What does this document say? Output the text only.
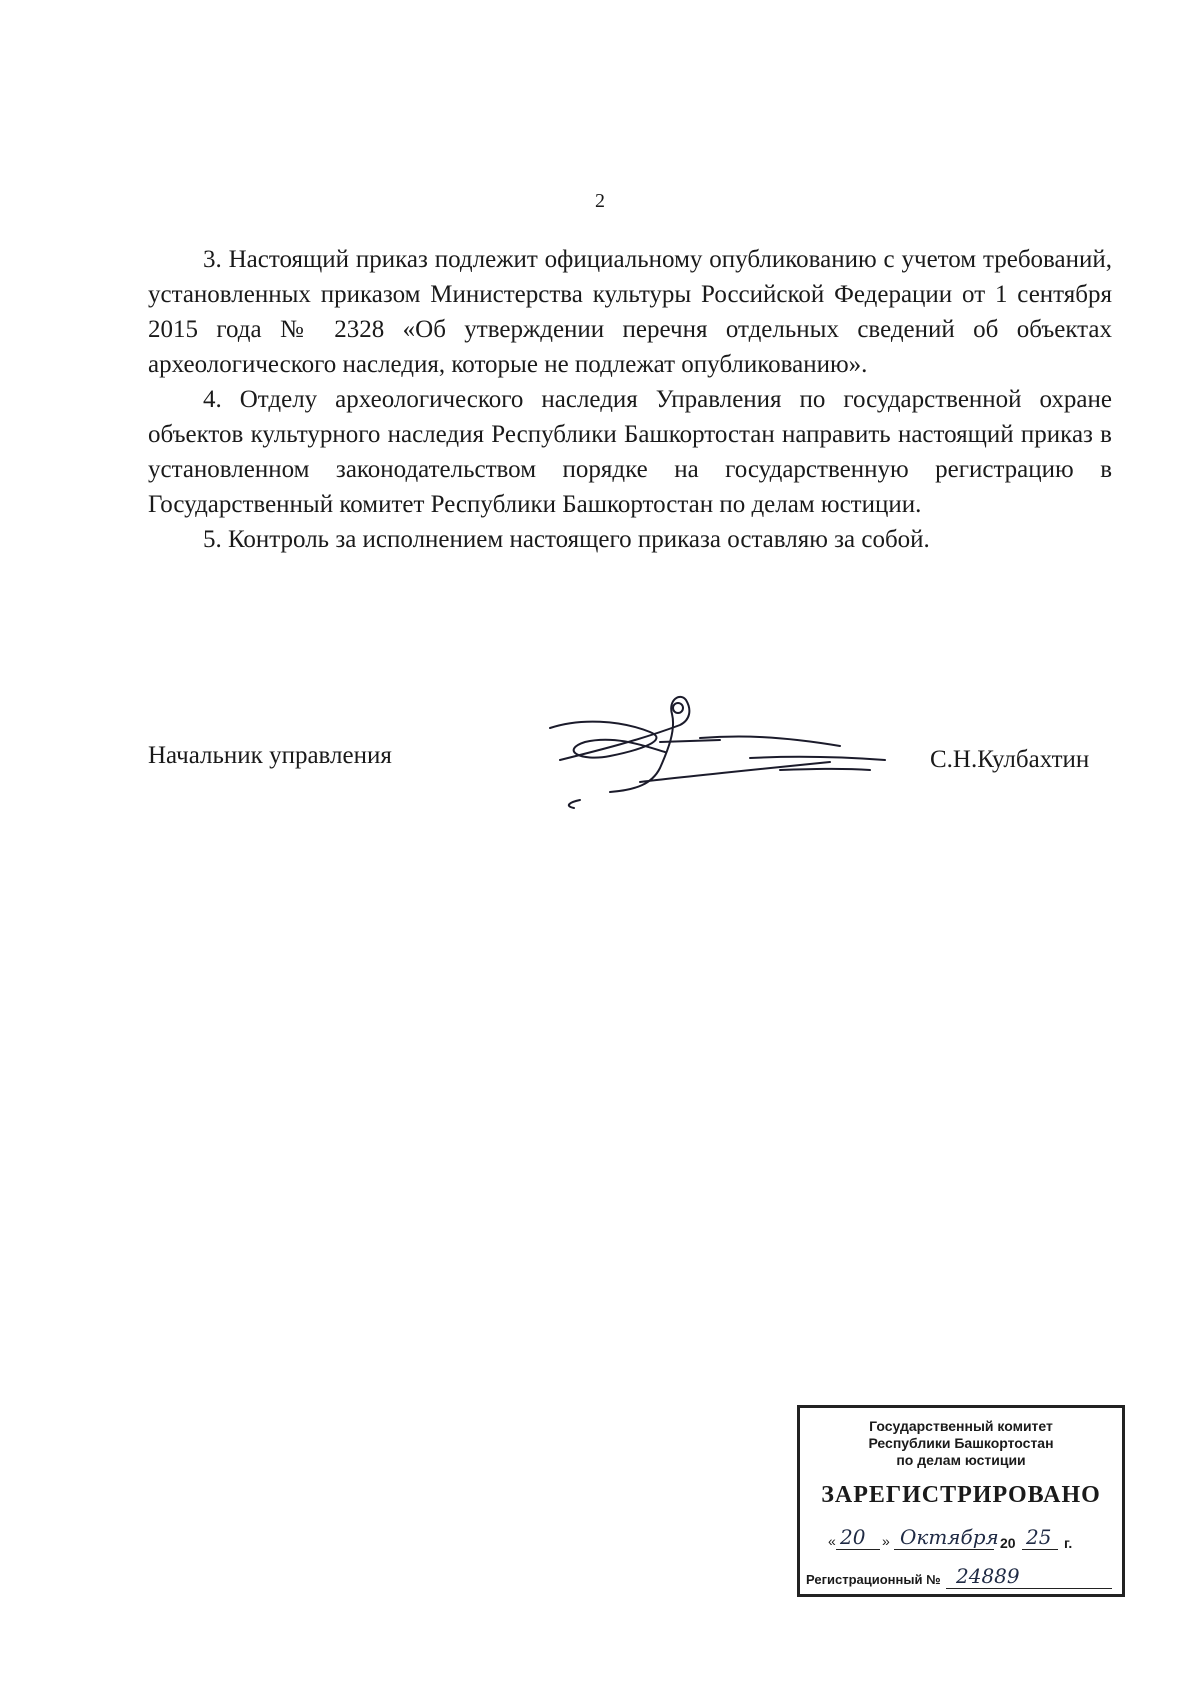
2

3. Настоящий приказ подлежит официальному опубликованию с учетом требований, установленных приказом Министерства культуры Российской Федерации от 1 сентября 2015 года № 2328 «Об утверждении перечня отдельных сведений об объектах археологического наследия, которые не подлежат опубликованию».

4. Отделу археологического наследия Управления по государственной охране объектов культурного наследия Республики Башкортостан направить настоящий приказ в установленном законодательством порядке на государственную регистрацию в Государственный комитет Республики Башкортостан по делам юстиции.

5. Контроль за исполнением настоящего приказа оставляю за собой.

Начальник управления	С.Н.Кулбахтин
Государственный комитет
Республики Башкортостан
по делам юстиции
ЗАРЕГИСТРИРОВАНО
« 20 » Октября 20 25 г.
Регистрационный № 24889
